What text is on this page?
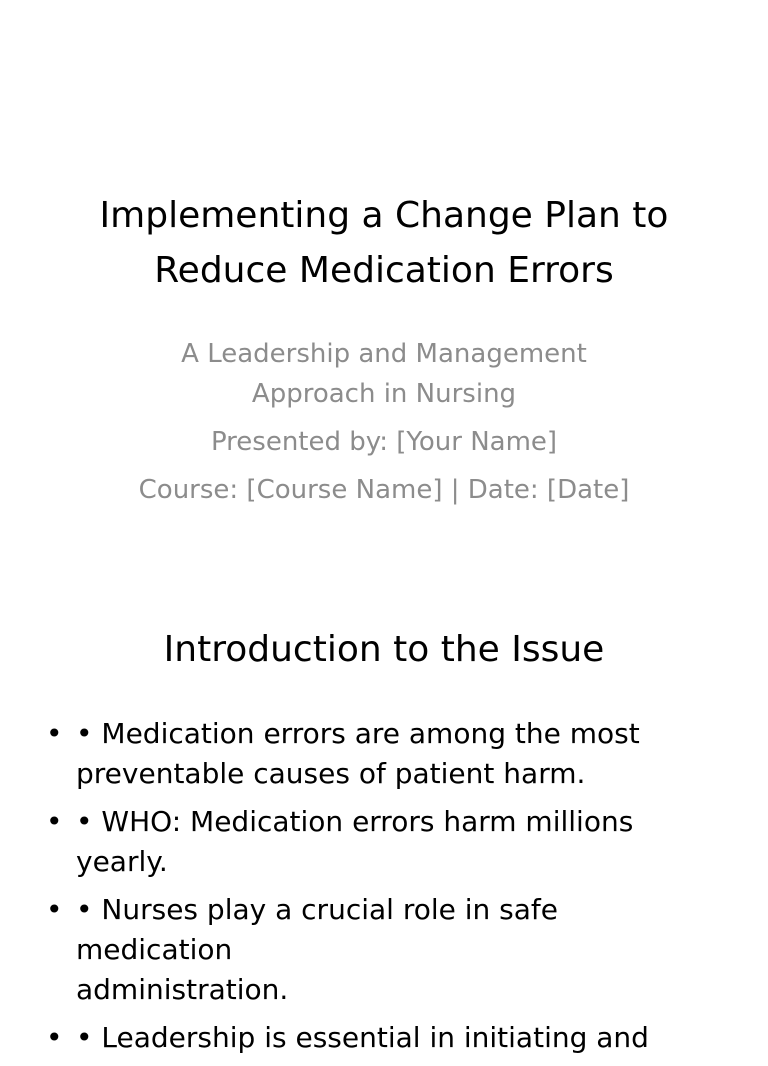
Implementing a Change Plan to
Reduce Medication Errors

A Leadership and Management
Approach in Nursing

Presented by: [Your Name]

Course: [Course Name] | Date: [Date]

Introduction to the Issue
• • Medication errors are among the most
preventable causes of patient harm.
• • WHO: Medication errors harm millions
yearly.
• • Nurses play a crucial role in safe medication
administration.
• • Leadership is essential in initiating and
